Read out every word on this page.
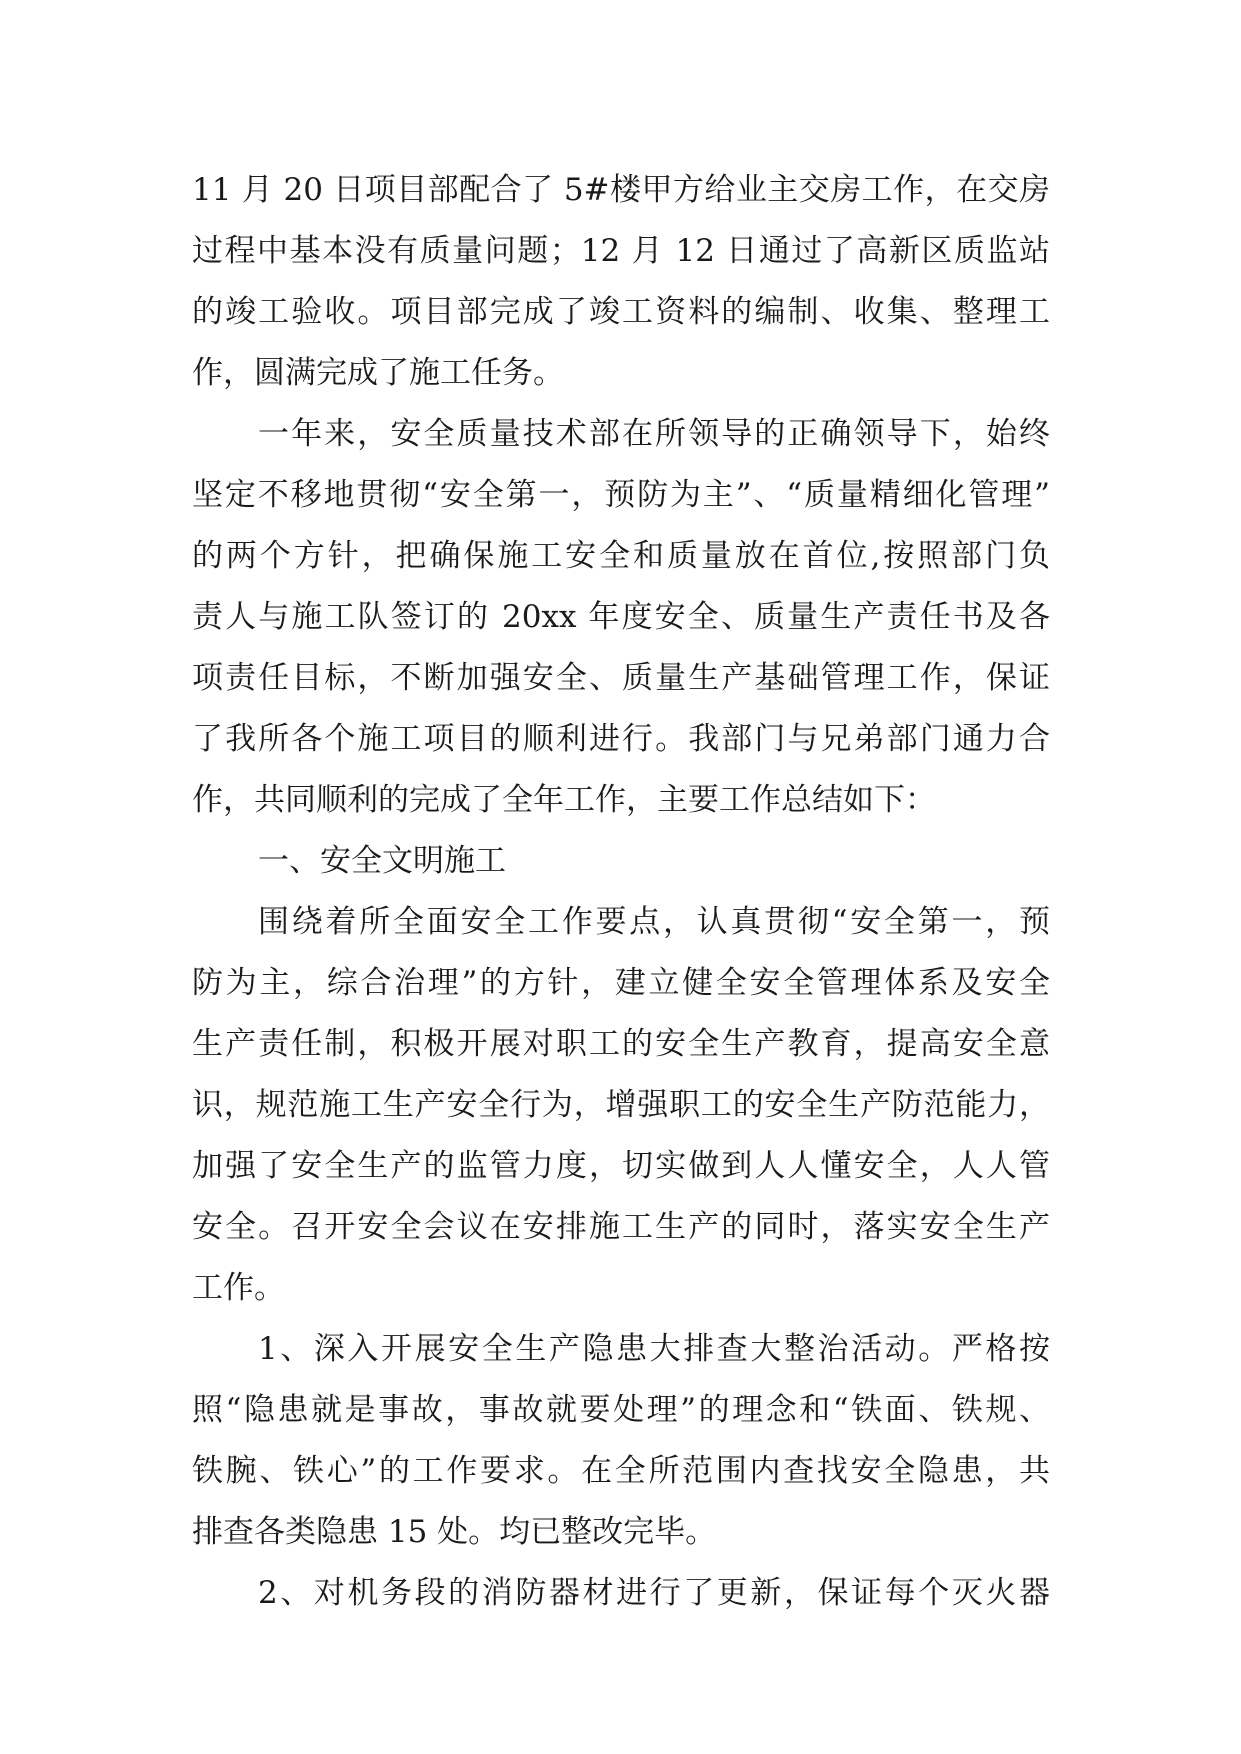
11 月 20 日项目部配合了 5#楼甲方给业主交房工作，在交房
过程中基本没有质量问题；12 月 12 日通过了高新区质监站
的竣工验收。项目部完成了竣工资料的编制、收集、整理工
作，圆满完成了施工任务。
一年来，安全质量技术部在所领导的正确领导下，始终
坚定不移地贯彻“安全第一，预防为主”、“质量精细化管理”
的两个方针，把确保施工安全和质量放在首位,按照部门负
责人与施工队签订的 20xx 年度安全、质量生产责任书及各
项责任目标，不断加强安全、质量生产基础管理工作，保证
了我所各个施工项目的顺利进行。我部门与兄弟部门通力合
作，共同顺利的完成了全年工作，主要工作总结如下：
一、安全文明施工
围绕着所全面安全工作要点，认真贯彻“安全第一，预
防为主，综合治理”的方针，建立健全安全管理体系及安全
生产责任制，积极开展对职工的安全生产教育，提高安全意
识，规范施工生产安全行为，增强职工的安全生产防范能力，
加强了安全生产的监管力度，切实做到人人懂安全，人人管
安全。召开安全会议在安排施工生产的同时，落实安全生产
工作。
1、深入开展安全生产隐患大排查大整治活动。严格按
照“隐患就是事故，事故就要处理”的理念和“铁面、铁规、
铁腕、铁心”的工作要求。在全所范围内查找安全隐患，共
排查各类隐患 15 处。均已整改完毕。
2、对机务段的消防器材进行了更新，保证每个灭火器
